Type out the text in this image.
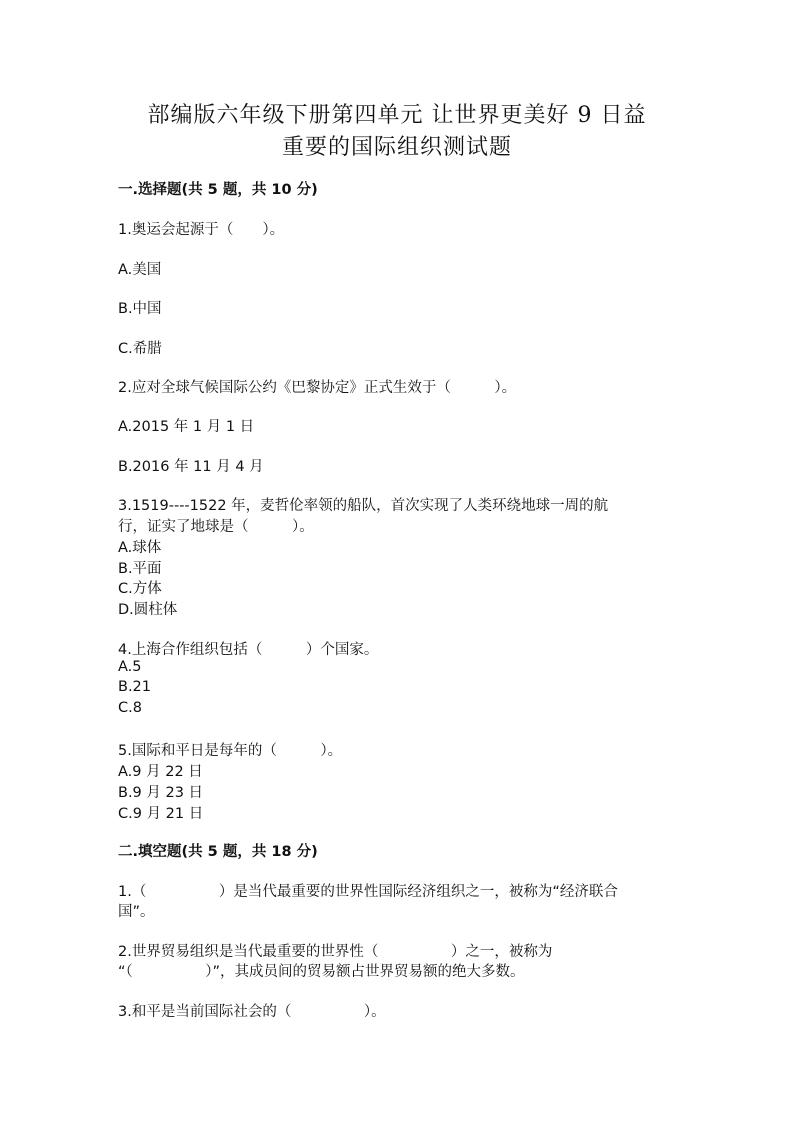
部编版六年级下册第四单元 让世界更美好 9 日益
重要的国际组织测试题
一.选择题(共 5 题，共 10 分)
1.奥运会起源于（　　）。
A.美国
B.中国
C.希腊
2.应对全球气候国际公约《巴黎协定》正式生效于（　　　）。
A.2015 年 1 月 1 日
B.2016 年 11 月 4 月
3.1519----1522 年，麦哲伦率领的船队，首次实现了人类环绕地球一周的航
行，证实了地球是（　　　）。
A.球体
B.平面
C.方体
D.圆柱体
4.上海合作组织包括（　　　）个国家。
A.5
B.21
C.8
5.国际和平日是每年的（　　　）。
A.9 月 22 日
B.9 月 23 日
C.9 月 21 日
二.填空题(共 5 题，共 18 分)
1.（　　　　　）是当代最重要的世界性国际经济组织之一，被称为“经济联合
国”。
2.世界贸易组织是当代最重要的世界性（　　　　　）之一，被称为
“（　　　　　）”，其成员间的贸易额占世界贸易额的绝大多数。
3.和平是当前国际社会的（　　　　　）。
